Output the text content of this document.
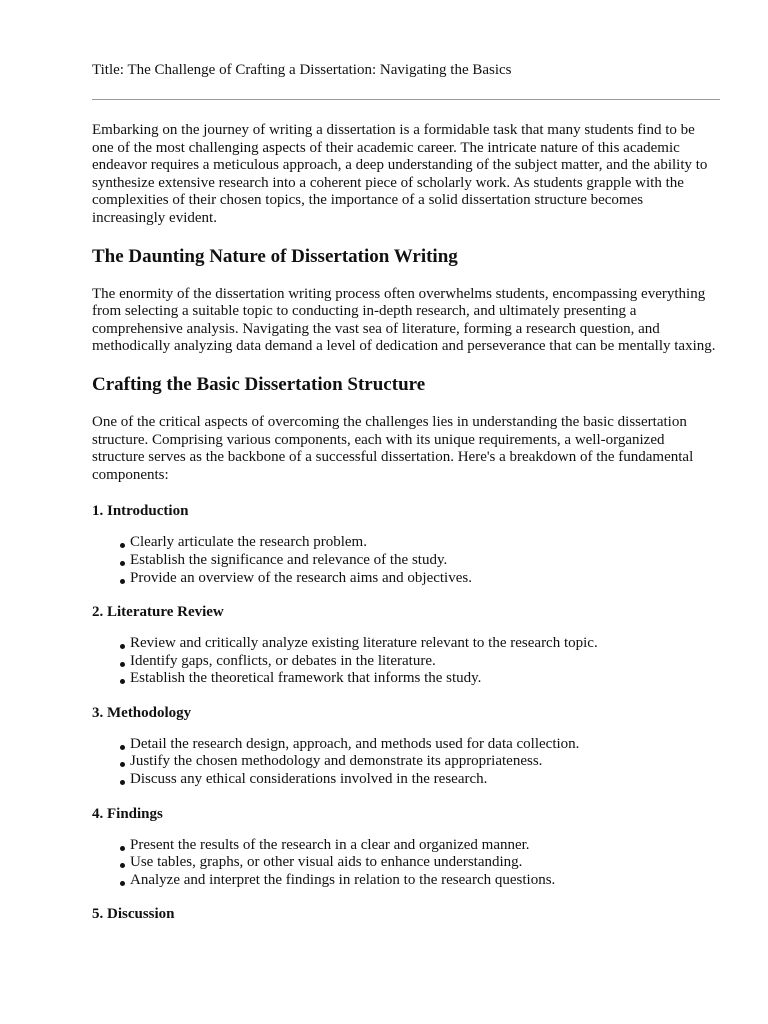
Title: The Challenge of Crafting a Dissertation: Navigating the Basics

Embarking on the journey of writing a dissertation is a formidable task that many students find to be one of the most challenging aspects of their academic career. The intricate nature of this academic endeavor requires a meticulous approach, a deep understanding of the subject matter, and the ability to synthesize extensive research into a coherent piece of scholarly work. As students grapple with the complexities of their chosen topics, the importance of a solid dissertation structure becomes increasingly evident.

The Daunting Nature of Dissertation Writing

The enormity of the dissertation writing process often overwhelms students, encompassing everything from selecting a suitable topic to conducting in-depth research, and ultimately presenting a comprehensive analysis. Navigating the vast sea of literature, forming a research question, and methodically analyzing data demand a level of dedication and perseverance that can be mentally taxing.

Crafting the Basic Dissertation Structure

One of the critical aspects of overcoming the challenges lies in understanding the basic dissertation structure. Comprising various components, each with its unique requirements, a well-organized structure serves as the backbone of a successful dissertation. Here's a breakdown of the fundamental components:

1. Introduction
Clearly articulate the research problem.
Establish the significance and relevance of the study.
Provide an overview of the research aims and objectives.
2. Literature Review
Review and critically analyze existing literature relevant to the research topic.
Identify gaps, conflicts, or debates in the literature.
Establish the theoretical framework that informs the study.
3. Methodology
Detail the research design, approach, and methods used for data collection.
Justify the chosen methodology and demonstrate its appropriateness.
Discuss any ethical considerations involved in the research.
4. Findings
Present the results of the research in a clear and organized manner.
Use tables, graphs, or other visual aids to enhance understanding.
Analyze and interpret the findings in relation to the research questions.
5. Discussion
